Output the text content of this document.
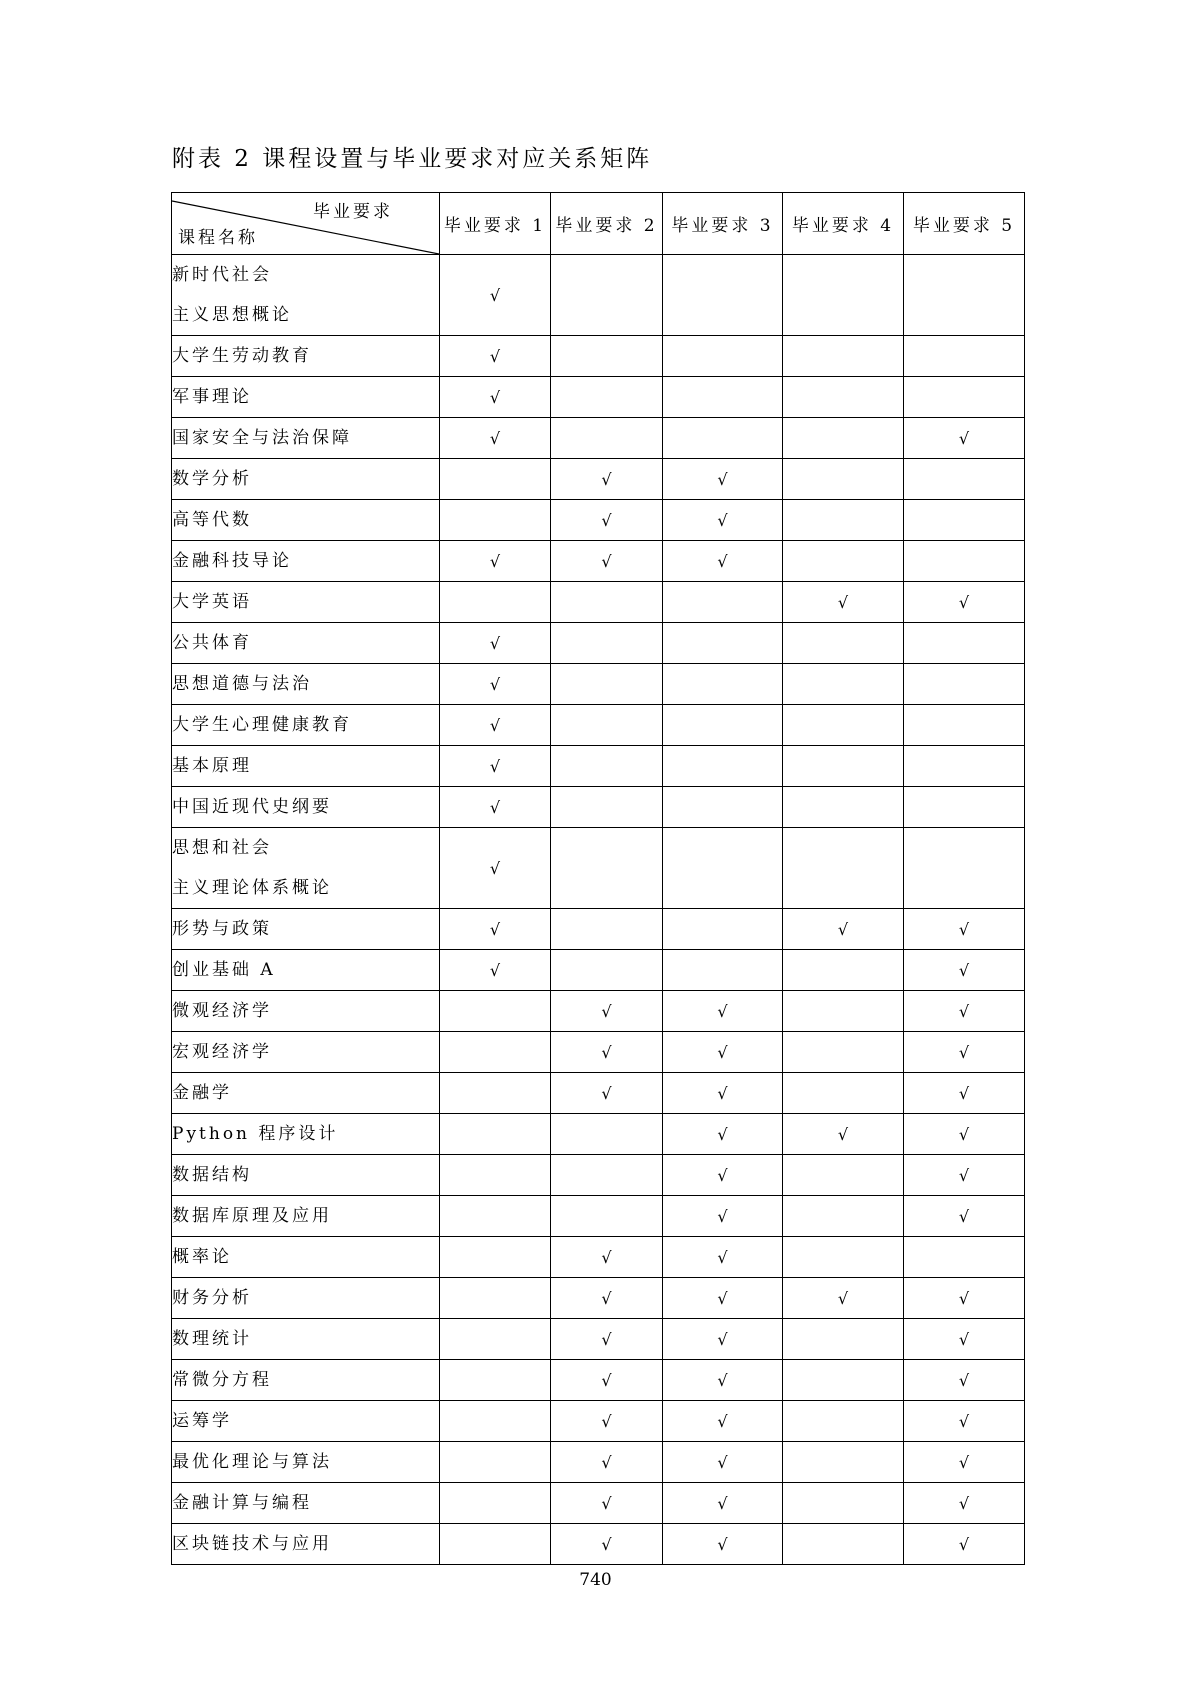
附表 2 课程设置与毕业要求对应关系矩阵
毕业要求
课程名称	毕业要求 1	毕业要求 2	毕业要求 3	毕业要求 4	毕业要求 5

新时代社会
主义思想概论	√				

大学生劳动教育	√				

军事理论	√				

国家安全与法治保障	√				√

数学分析		√	√		

高等代数		√	√		

金融科技导论	√	√	√		

大学英语				√	√

公共体育	√				

思想道德与法治	√				

大学生心理健康教育	√				

基本原理	√				

中国近现代史纲要	√				

思想和社会
主义理论体系概论	√				

形势与政策	√			√	√

创业基础 A	√				√

微观经济学		√	√		√

宏观经济学		√	√		√

金融学		√	√		√

Python 程序设计			√	√	√

数据结构			√		√

数据库原理及应用			√		√

概率论		√	√		

财务分析		√	√	√	√

数理统计		√	√		√

常微分方程		√	√		√

运筹学		√	√		√

最优化理论与算法		√	√		√

金融计算与编程		√	√		√

区块链技术与应用		√	√		√
740
